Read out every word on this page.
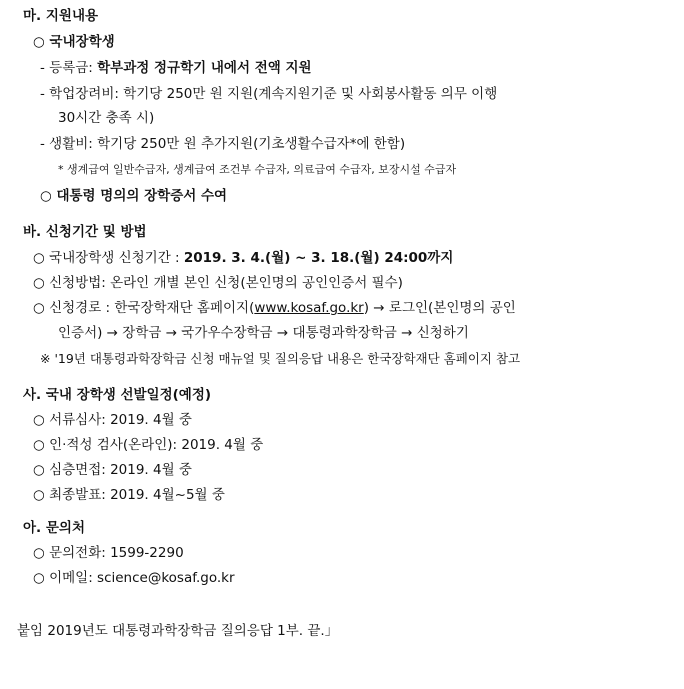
마. 지원내용
○ 국내장학생
- 등록금: 학부과정 정규학기 내에서 전액 지원
- 학업장려비: 학기당 250만 원 지원(계속지원기준 및 사회봉사활동 의무 이행
30시간 충족 시)
- 생활비: 학기당 250만 원 추가지원(기초생활수급자*에 한함)
* 생계급여 일반수급자, 생계급여 조건부 수급자, 의료급여 수급자, 보장시설 수급자
○ 대통령 명의의 장학증서 수여
바. 신청기간 및 방법
○ 국내장학생 신청기간 : 2019. 3. 4.(월) ~ 3. 18.(월) 24:00까지
○ 신청방법: 온라인 개별 본인 신청(본인명의 공인인증서 필수)
○ 신청경로 : 한국장학재단 홈페이지(www.kosaf.go.kr) → 로그인(본인명의 공인
인증서) → 장학금 → 국가우수장학금 → 대통령과학장학금 → 신청하기
※ '19년 대통령과학장학금 신청 매뉴얼 및 질의응답 내용은 한국장학재단 홈페이지 참고
사. 국내 장학생 선발일정(예정)
○ 서류심사: 2019. 4월 중
○ 인·적성 검사(온라인): 2019. 4월 중
○ 심층면접: 2019. 4월 중
○ 최종발표: 2019. 4월~5월 중
아. 문의처
○ 문의전화: 1599-2290
○ 이메일: science@kosaf.go.kr
붙임 2019년도 대통령과학장학금 질의응답 1부. 끝.」
